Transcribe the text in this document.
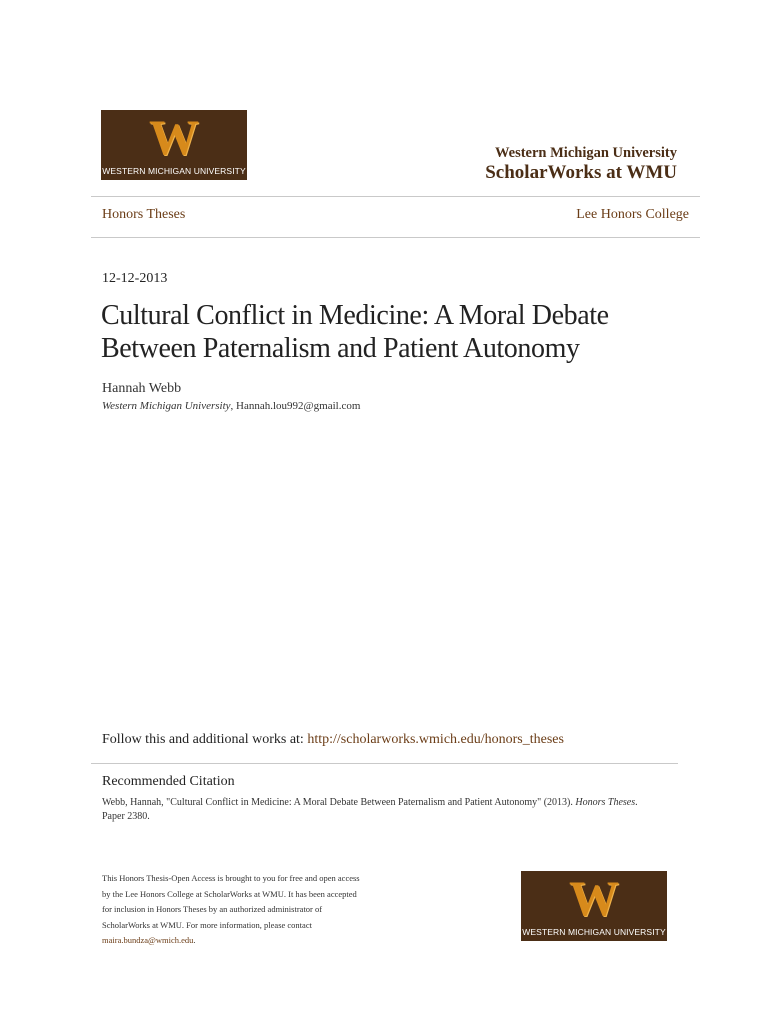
W
WESTERN MICHIGAN UNIVERSITY
Western Michigan University
ScholarWorks at WMU
Honors Theses	Lee Honors College
12-12-2013
Cultural Conflict in Medicine: A Moral Debate
Between Paternalism and Patient Autonomy
Hannah Webb
Western Michigan University, Hannah.lou992@gmail.com
Follow this and additional works at: http://scholarworks.wmich.edu/honors_theses
Recommended Citation
Webb, Hannah, "Cultural Conflict in Medicine: A Moral Debate Between Paternalism and Patient Autonomy" (2013). Honors Theses.
Paper 2380.
This Honors Thesis-Open Access is brought to you for free and open access
by the Lee Honors College at ScholarWorks at WMU. It has been accepted
for inclusion in Honors Theses by an authorized administrator of
ScholarWorks at WMU. For more information, please contact
maira.bundza@wmich.edu.
W
WESTERN MICHIGAN UNIVERSITY
